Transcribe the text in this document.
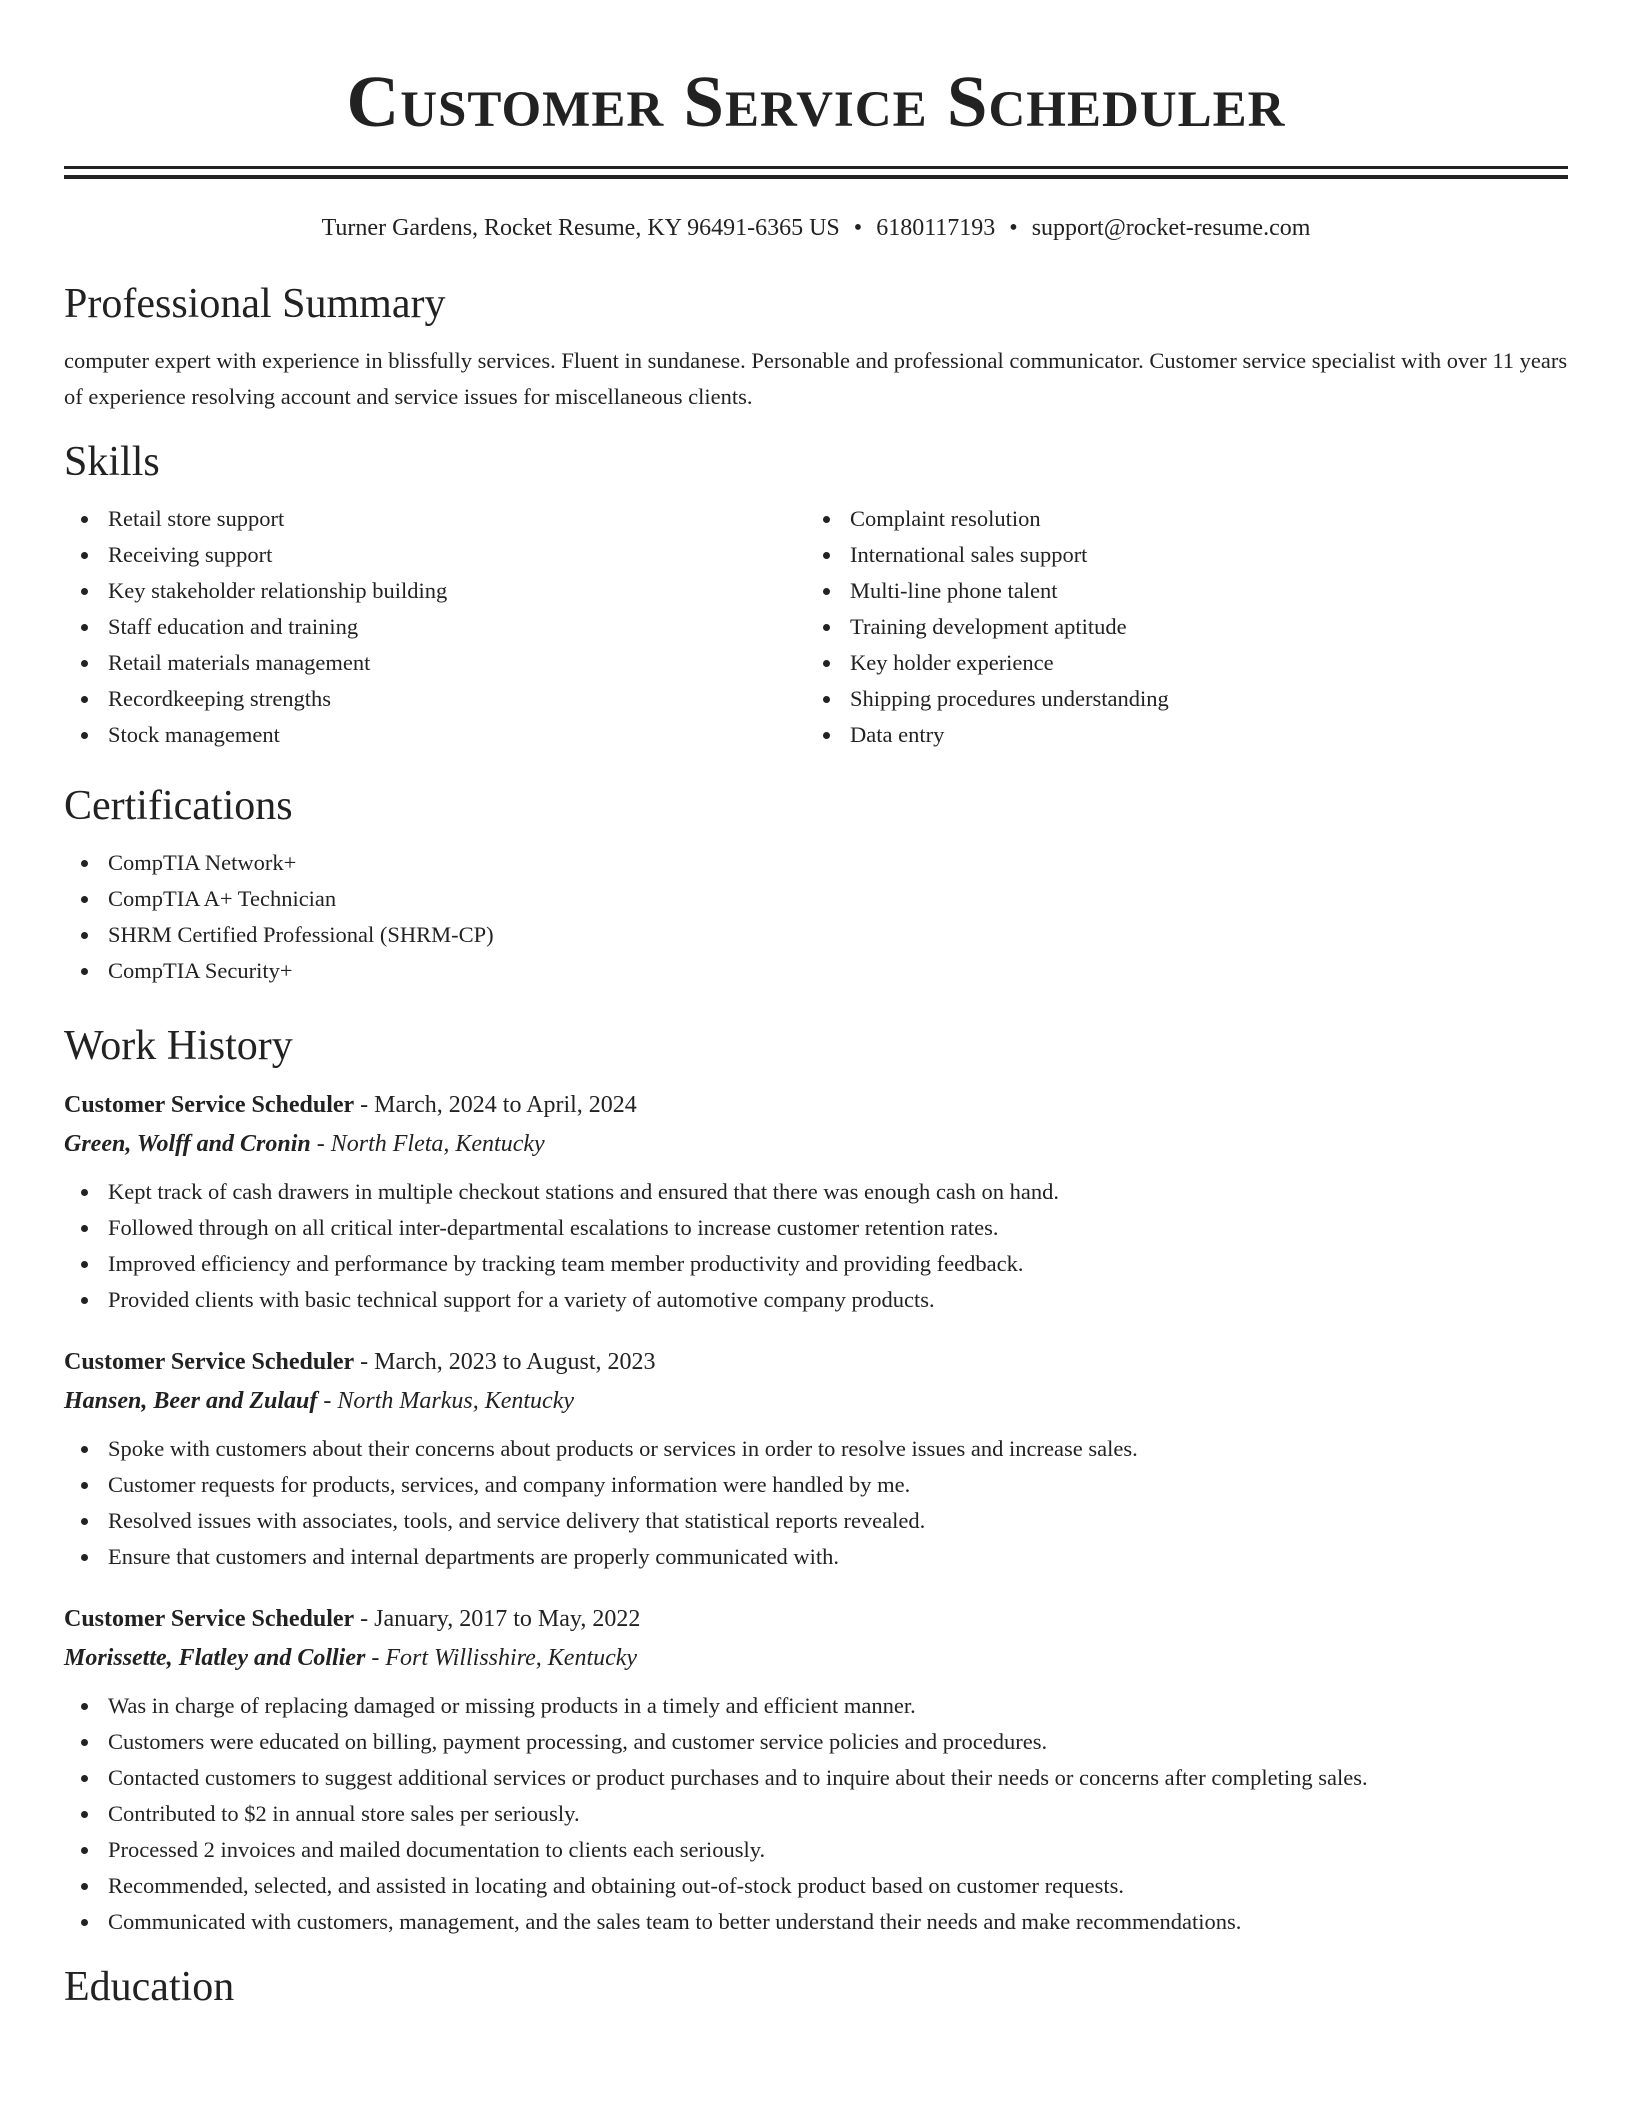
Customer Service Scheduler
Turner Gardens, Rocket Resume, KY 96491-6365 US • 6180117193 • support@rocket-resume.com
Professional Summary

computer expert with experience in blissfully services. Fluent in sundanese. Personable and professional communicator. Customer service specialist with over 11 years of experience resolving account and service issues for miscellaneous clients.

Skills
Retail store support
Receiving support
Key stakeholder relationship building
Staff education and training
Retail materials management
Recordkeeping strengths
Stock management
Complaint resolution
International sales support
Multi-line phone talent
Training development aptitude
Key holder experience
Shipping procedures understanding
Data entry
Certifications
CompTIA Network+
CompTIA A+ Technician
SHRM Certified Professional (SHRM-CP)
CompTIA Security+
Work History
Customer Service Scheduler - March, 2024 to April, 2024
Green, Wolff and Cronin - North Fleta, Kentucky
Kept track of cash drawers in multiple checkout stations and ensured that there was enough cash on hand.
Followed through on all critical inter-departmental escalations to increase customer retention rates.
Improved efficiency and performance by tracking team member productivity and providing feedback.
Provided clients with basic technical support for a variety of automotive company products.
Customer Service Scheduler - March, 2023 to August, 2023
Hansen, Beer and Zulauf - North Markus, Kentucky
Spoke with customers about their concerns about products or services in order to resolve issues and increase sales.
Customer requests for products, services, and company information were handled by me.
Resolved issues with associates, tools, and service delivery that statistical reports revealed.
Ensure that customers and internal departments are properly communicated with.
Customer Service Scheduler - January, 2017 to May, 2022
Morissette, Flatley and Collier - Fort Willisshire, Kentucky
Was in charge of replacing damaged or missing products in a timely and efficient manner.
Customers were educated on billing, payment processing, and customer service policies and procedures.
Contacted customers to suggest additional services or product purchases and to inquire about their needs or concerns after completing sales.
Contributed to $2 in annual store sales per seriously.
Processed 2 invoices and mailed documentation to clients each seriously.
Recommended, selected, and assisted in locating and obtaining out-of-stock product based on customer requests.
Communicated with customers, management, and the sales team to better understand their needs and make recommendations.
Education
